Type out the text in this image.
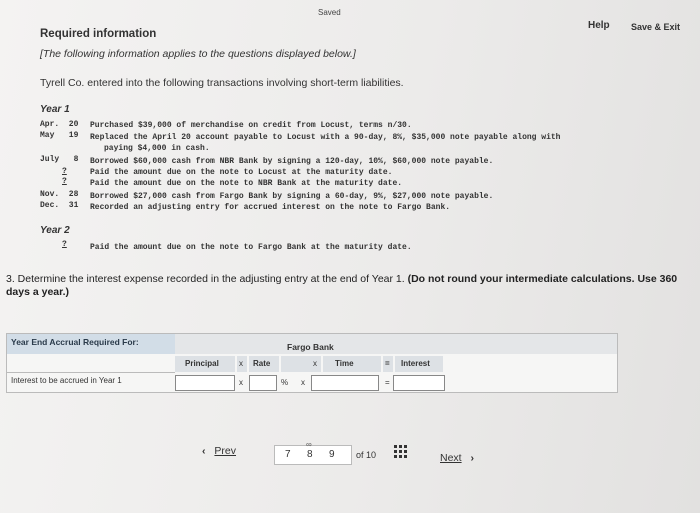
Saved
Help Save & Exit
Required information
[The following information applies to the questions displayed below.]
Tyrell Co. entered into the following transactions involving short-term liabilities.
Year 1
Apr.  20 Purchased $39,000 of merchandise on credit from Locust, terms n/30.
May   19 Replaced the April 20 account payable to Locust with a 90-day, 8%, $35,000 note payable along with
paying $4,000 in cash.
July   8 Borrowed $60,000 cash from NBR Bank by signing a 120-day, 10%, $60,000 note payable.
?	Paid the amount due on the note to Locust at the maturity date.
?	Paid the amount due on the note to NBR Bank at the maturity date.
Nov.  28 Borrowed $27,000 cash from Fargo Bank by signing a 60-day, 9%, $27,000 note payable.
Dec.  31 Recorded an adjusting entry for accrued interest on the note to Fargo Bank.
Year 2
?	Paid the amount due on the note to Fargo Bank at the maturity date.
3. Determine the interest expense recorded in the adjusting entry at the end of Year 1. (Do not round your intermediate calculations. Use 360 days a year.)
Year End Accrual Required For:	Fargo Bank
Principal	x Rate	x Time	= Interest
Interest to be accrued in Year 1	x	% x	=
‹ Prev	7 8
∞
9 of 10	Next ›
